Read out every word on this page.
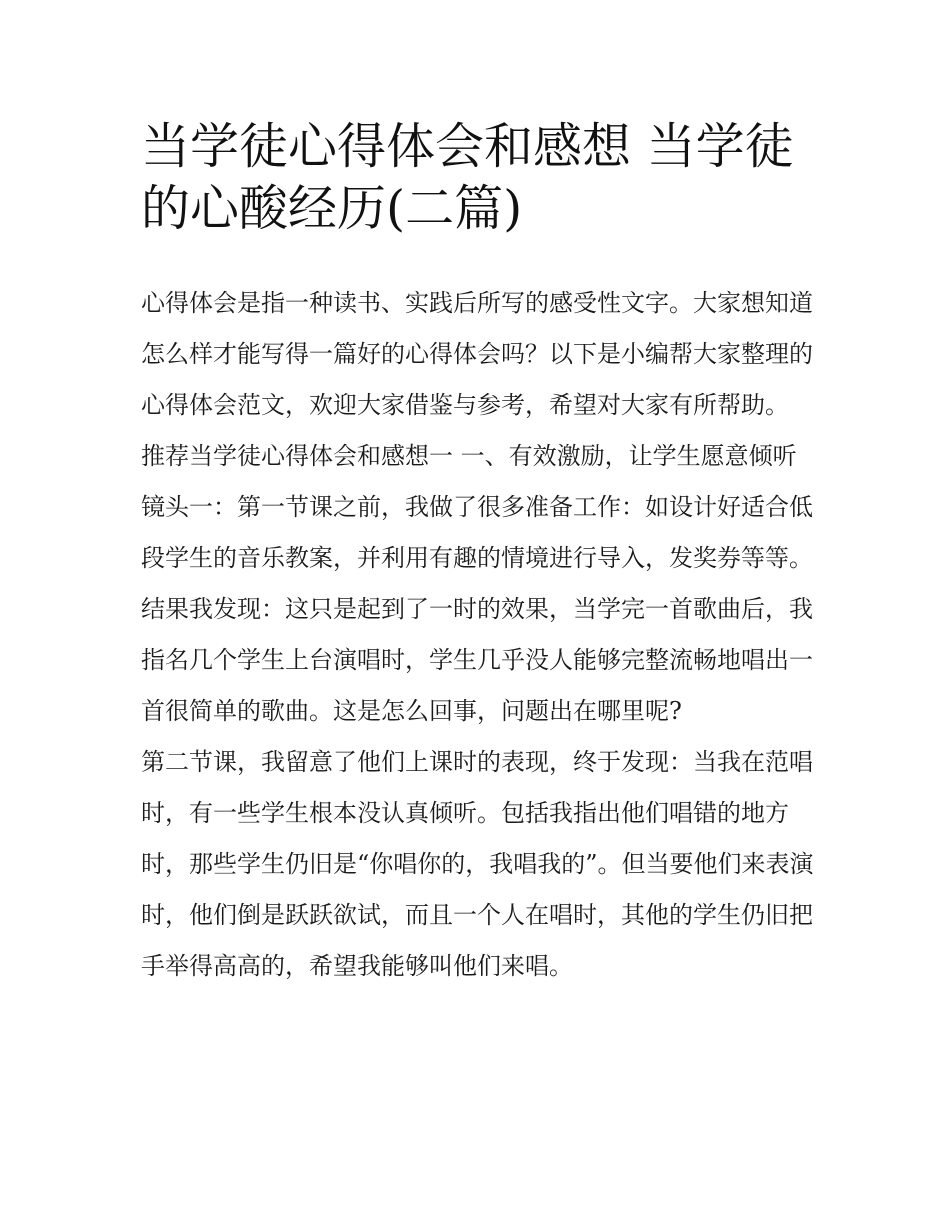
当学徒心得体会和感想 当学徒的心酸经历(二篇)

心得体会是指一种读书、实践后所写的感受性文字。大家想知道怎么样才能写得一篇好的心得体会吗？以下是小编帮大家整理的心得体会范文，欢迎大家借鉴与参考，希望对大家有所帮助。

推荐当学徒心得体会和感想一 一、有效激励，让学生愿意倾听

镜头一：第一节课之前，我做了很多准备工作：如设计好适合低段学生的音乐教案，并利用有趣的情境进行导入，发奖券等等。结果我发现：这只是起到了一时的效果，当学完一首歌曲后，我指名几个学生上台演唱时，学生几乎没人能够完整流畅地唱出一首很简单的歌曲。这是怎么回事，问题出在哪里呢?

第二节课，我留意了他们上课时的表现，终于发现：当我在范唱时，有一些学生根本没认真倾听。包括我指出他们唱错的地方时，那些学生仍旧是“你唱你的，我唱我的”。但当要他们来表演时，他们倒是跃跃欲试，而且一个人在唱时，其他的学生仍旧把手举得高高的，希望我能够叫他们来唱。
